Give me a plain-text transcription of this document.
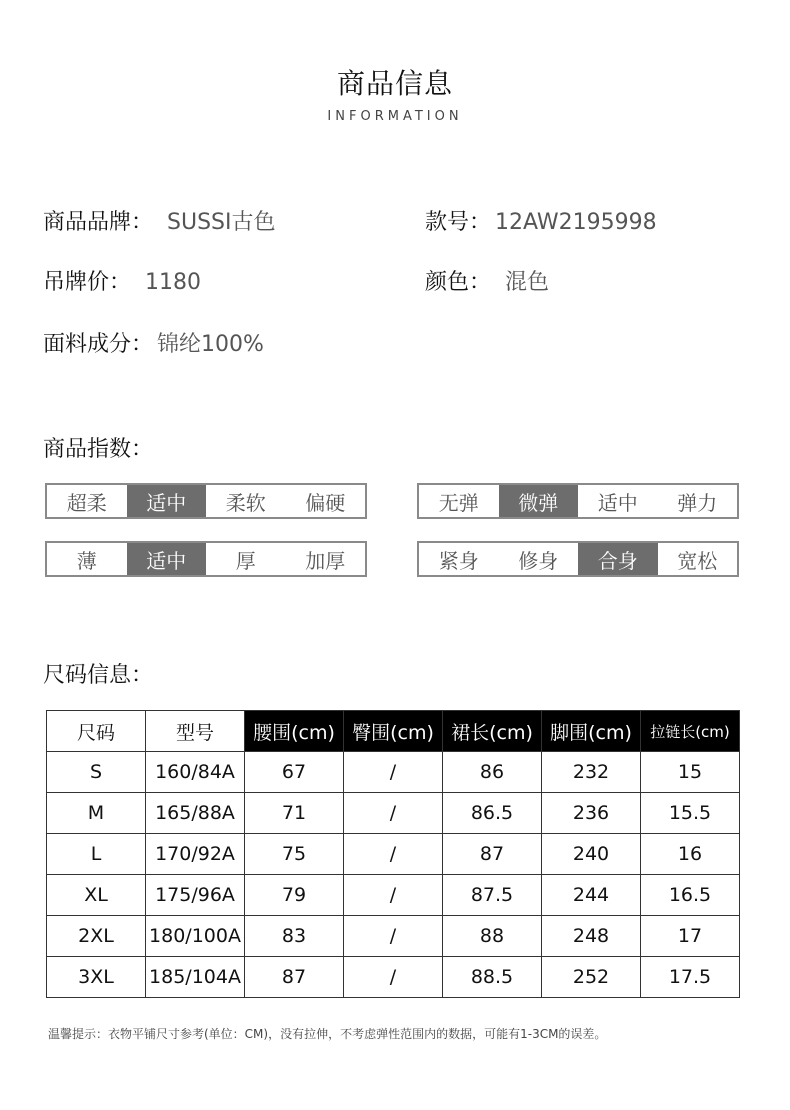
商品信息
INFORMATION
商品品牌： SUSSI古色	款号： 12AW2195998
吊牌价： 1180	颜色： 混色
面料成分： 锦纶100%
商品指数：
超柔	适中	柔软	偏硬	无弹	微弹	适中	弹力
薄	适中	厚	加厚	紧身	修身	合身	宽松
尺码信息：
尺码	型号	腰围(cm)	臀围(cm)	裙长(cm)	脚围(cm)	拉链长(cm)
S	160/84A	67	/	86	232	15
M	165/88A	71	/	86.5	236	15.5
L	170/92A	75	/	87	240	16
XL	175/96A	79	/	87.5	244	16.5
2XL	180/100A	83	/	88	248	17
3XL	185/104A	87	/	88.5	252	17.5
温馨提示：衣物平铺尺寸参考(单位：CM)，没有拉伸，不考虑弹性范围内的数据，可能有1-3CM的误差。
